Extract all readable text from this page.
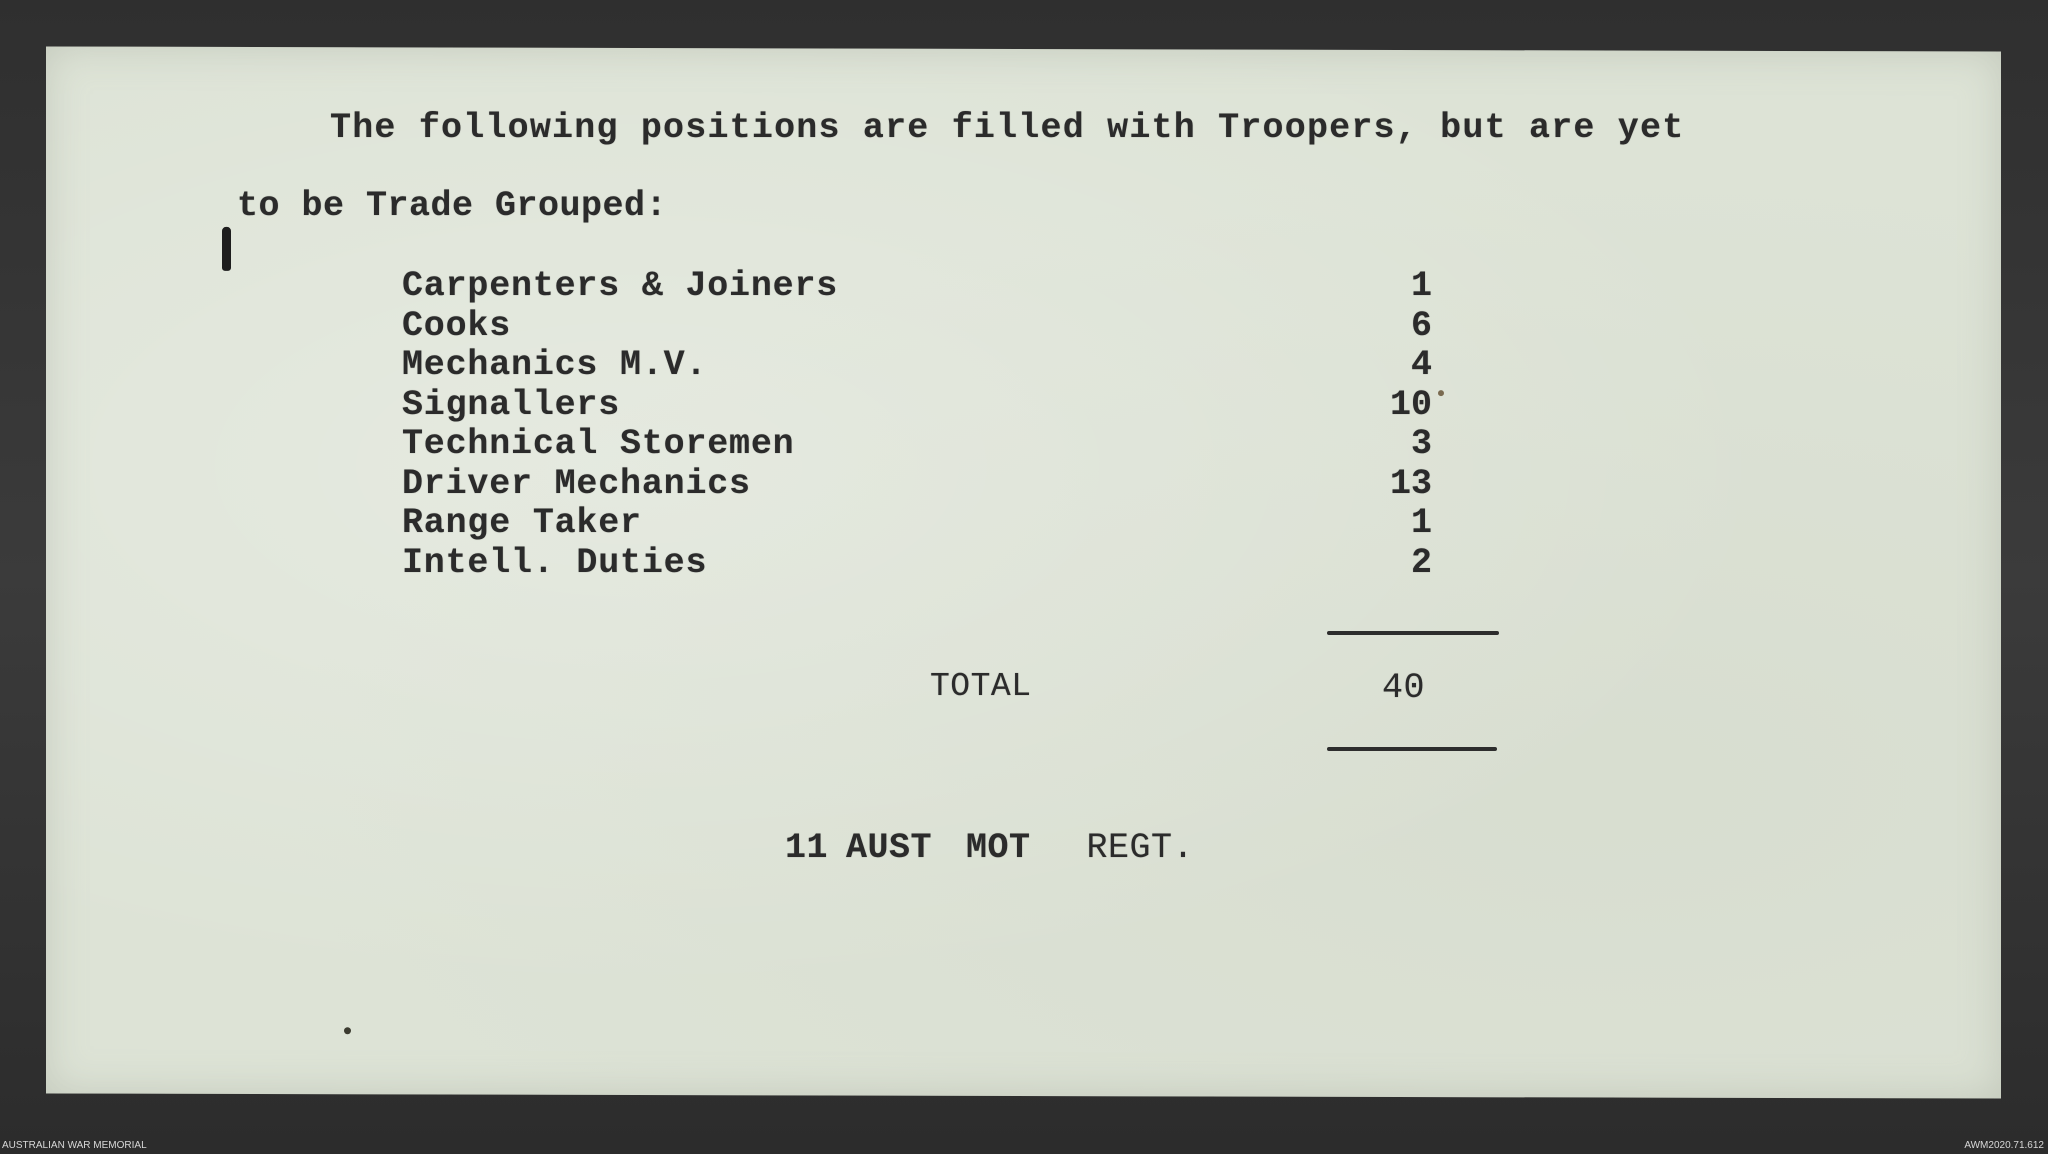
The following positions are filled with Troopers, but are yet
to be Trade Grouped:
Carpenters & Joiners	1
Cooks	6
Mechanics M.V.	4
Signallers	10
Technical Storemen	3
Driver Mechanics	13
Range Taker	1
Intell. Duties	2
TOTAL	40
11 AUST MOT REGT.
AUSTRALIAN WAR MEMORIAL	AWM2020.71.612
